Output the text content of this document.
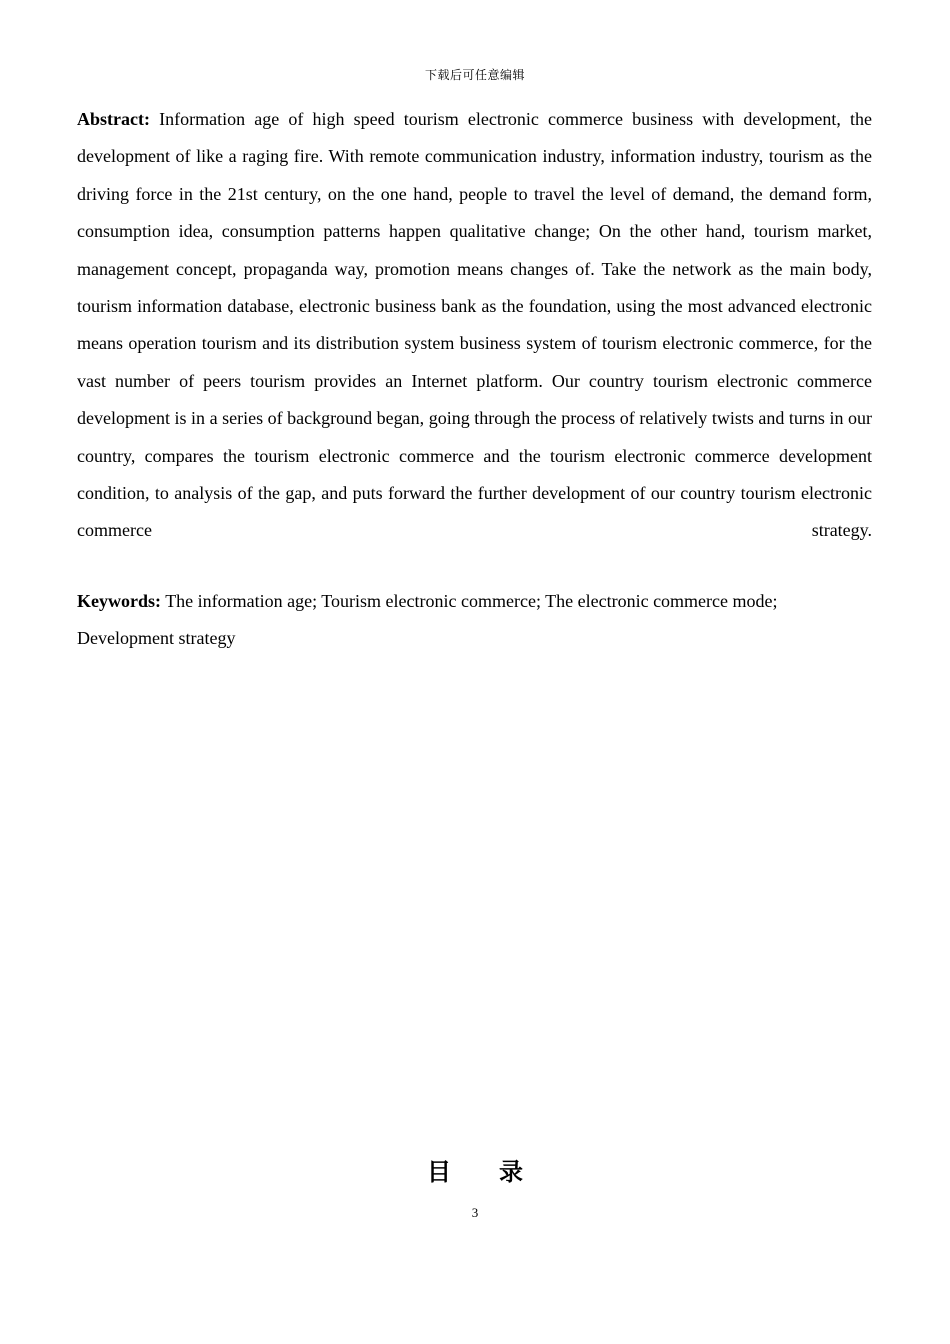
下载后可任意编辑

Abstract: Information age of high speed tourism electronic commerce business with development, the development of like a raging fire. With remote communication industry, information industry, tourism as the driving force in the 21st century, on the one hand, people to travel the level of demand, the demand form, consumption idea, consumption patterns happen qualitative change; On the other hand, tourism market, management concept, propaganda way, promotion means changes of. Take the network as the main body, tourism information database, electronic business bank as the foundation, using the most advanced electronic means operation tourism and its distribution system business system of tourism electronic commerce, for the vast number of peers tourism provides an Internet platform. Our country tourism electronic commerce development is in a series of background began, going through the process of relatively twists and turns in our country, compares the tourism electronic commerce and the tourism electronic commerce development condition, to analysis of the gap, and puts forward the further development of our country tourism electronic commerce strategy.

Keywords: The information age; Tourism electronic commerce; The electronic commerce mode; Development strategy

目录
3
